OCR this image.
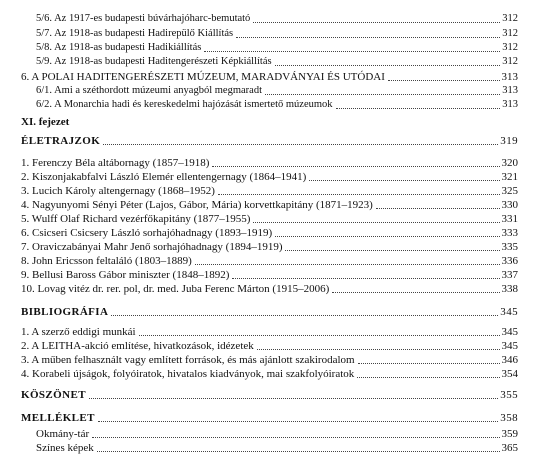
5/6. Az 1917-es budapesti búvárhajóharc-bemutató	312
5/7. Az 1918-as budapesti Hadirepülő Kiállítás	312
5/8. Az 1918-as budapesti Hadikiállítás	312
5/9. Az 1918-as budapesti Haditengerészeti Képkiállítás	312
6. A POLAI HADITENGERÉSZETI MÚZEUM, MARADVÁNYAI ÉS UTÓDAI	313
6/1. Ami a széthordott múzeumi anyagból megmaradt	313
6/2. A Monarchia hadi és kereskedelmi hajózását ismertető múzeumok	313
XI. fejezet
ÉLETRAJZOK	319
1. Ferenczy Béla altábornagy (1857–1918)	320
2. Kiszonjakabfalvi László Elemér ellentengernagy (1864–1941)	321
3. Lucich Károly altengernagy (1868–1952)	325
4. Nagyunyomi Sényi Péter (Lajos, Gábor, Mária) korvettkapitány (1871–1923)	330
5. Wulff Olaf Richard vezérfőkapitány (1877–1955)	331
6. Csicseri Csicsery László sorhajóhadnagy (1893–1919)	333
7. Oraviczabányai Mahr Jenő sorhajóhadnagy (1894–1919)	335
8. John Ericsson feltaláló (1803–1889)	336
9. Bellusi Baross Gábor miniszter (1848–1892)	337
10. Lovag vitéz dr. rer. pol, dr. med. Juba Ferenc Márton (1915–2006)	338
BIBLIOGRÁFIA	345
1. A szerző eddigi munkái	345
2. A LEITHA-akció említése, hivatkozások, idézetek	345
3. A műben felhasznált vagy említett források, és más ajánlott szakirodalom	346
4. Korabeli újságok, folyóiratok, hivatalos kiadványok, mai szakfolyóiratok	354
KÖSZÖNET	355
MELLÉKLET	358
Okmány-tár	359
Színes képek	365
